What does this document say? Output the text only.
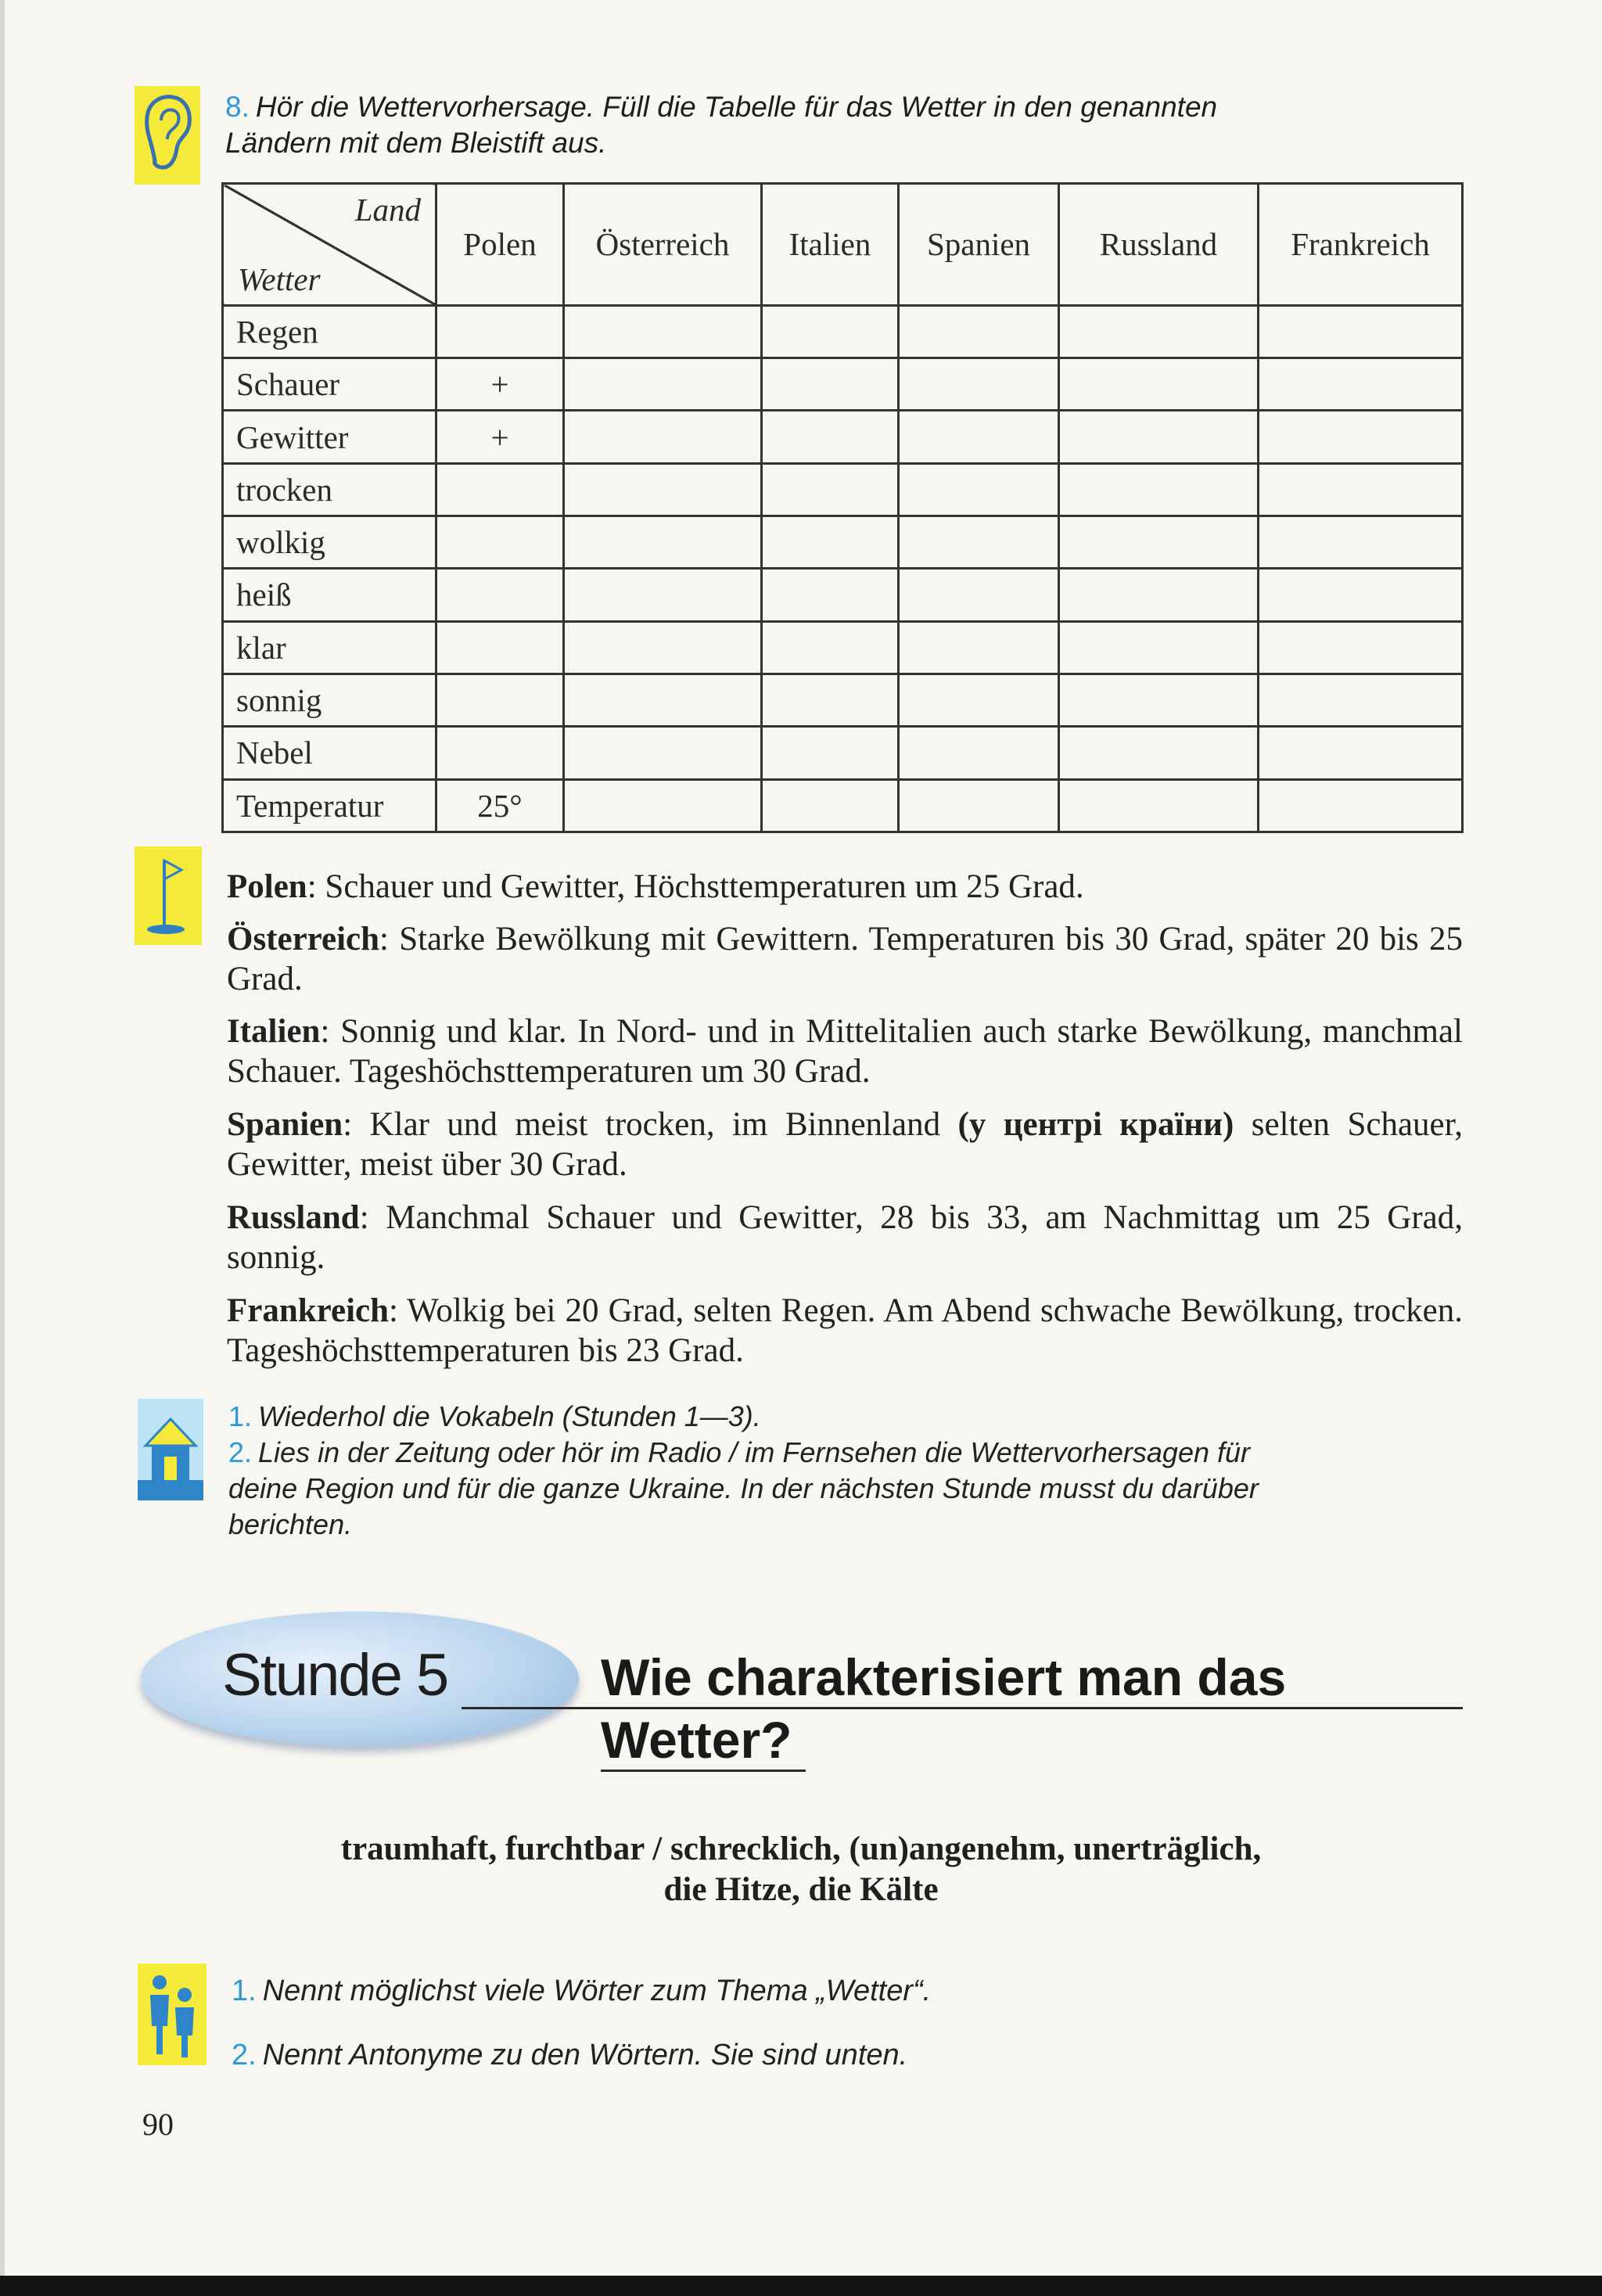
8. Hör die Wettervorhersage. Füll die Tabelle für das Wetter in den genannten
Ländern mit dem Bleistift aus.
Land
Wetter	Polen	Österreich	Italien	Spanien	Russland	Frankreich
Regen						
Schauer	+					
Gewitter	+					
trocken						
wolkig						
heiß						
klar						
sonnig						
Nebel						
Temperatur	25°					
Polen: Schauer und Gewitter, Höchsttemperaturen um 25 Grad.
Österreich: Starke Bewölkung mit Gewittern. Temperaturen bis 30 Grad, später 20 bis 25 Grad.
Italien: Sonnig und klar. In Nord- und in Mittelitalien auch starke Bewölkung, manchmal Schauer. Tageshöchsttemperaturen um 30 Grad.
Spanien: Klar und meist trocken, im Binnenland (у центрі країни) selten Schauer, Gewitter, meist über 30 Grad.
Russland: Manchmal Schauer und Gewitter, 28 bis 33, am Nachmittag um 25 Grad, sonnig.
Frankreich: Wolkig bei 20 Grad, selten Regen. Am Abend schwache Bewölkung, trocken. Tageshöchsttemperaturen bis 23 Grad.
1. Wiederhol die Vokabeln (Stunden 1—3).
2. Lies in der Zeitung oder hör im Radio / im Fernsehen die Wettervorhersagen für
deine Region und für die ganze Ukraine. In der nächsten Stunde musst du darüber
berichten.
Stunde 5	Wie charakterisiert man das
Wetter?
traumhaft, furchtbar / schrecklich, (un)angenehm, unerträglich,
die Hitze, die Kälte
1. Nennt möglichst viele Wörter zum Thema „Wetter“.
2. Nennt Antonyme zu den Wörtern. Sie sind unten.
90
